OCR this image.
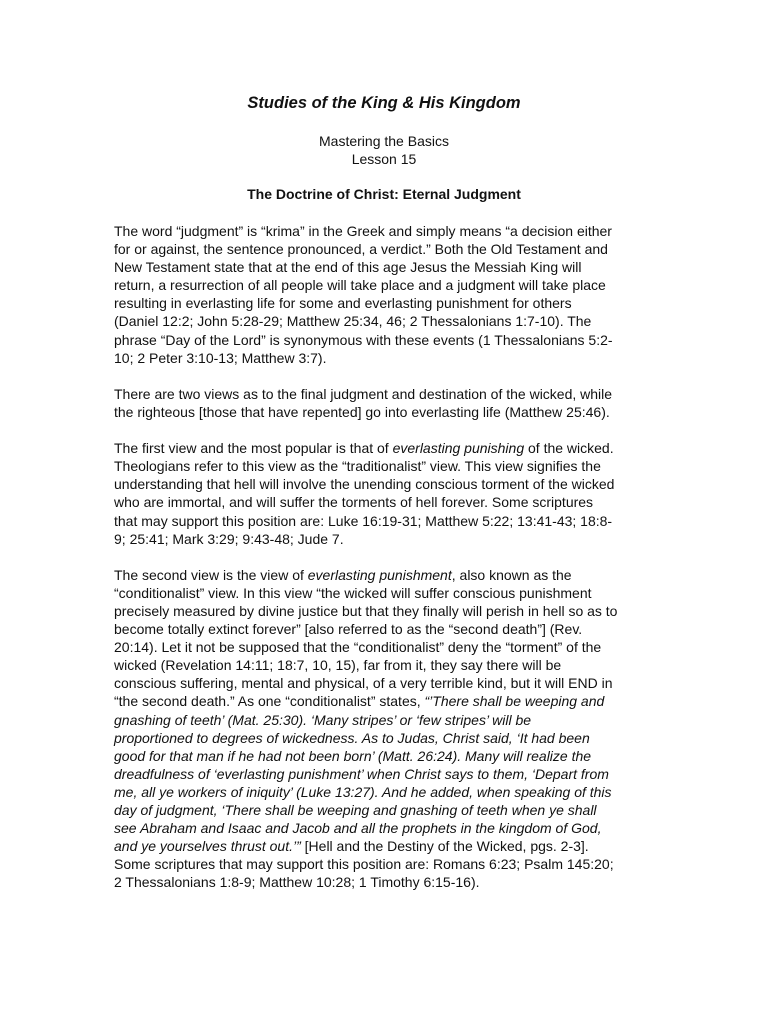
Studies of the King & His Kingdom
Mastering the Basics
Lesson 15
The Doctrine of Christ: Eternal Judgment
The word “judgment” is “krima” in the Greek and simply means “a decision either
for or against, the sentence pronounced, a verdict.” Both the Old Testament and
New Testament state that at the end of this age Jesus the Messiah King will
return, a resurrection of all people will take place and a judgment will take place
resulting in everlasting life for some and everlasting punishment for others
(Daniel 12:2; John 5:28-29; Matthew 25:34, 46; 2 Thessalonians 1:7-10). The
phrase “Day of the Lord” is synonymous with these events (1 Thessalonians 5:2-
10; 2 Peter 3:10-13; Matthew 3:7).
There are two views as to the final judgment and destination of the wicked, while
the righteous [those that have repented] go into everlasting life (Matthew 25:46).
The first view and the most popular is that of everlasting punishing of the wicked.
Theologians refer to this view as the “traditionalist” view. This view signifies the
understanding that hell will involve the unending conscious torment of the wicked
who are immortal, and will suffer the torments of hell forever. Some scriptures
that may support this position are: Luke 16:19-31; Matthew 5:22; 13:41-43; 18:8-
9; 25:41; Mark 3:29; 9:43-48; Jude 7.
The second view is the view of everlasting punishment, also known as the
“conditionalist” view. In this view “the wicked will suffer conscious punishment
precisely measured by divine justice but that they finally will perish in hell so as to
become totally extinct forever” [also referred to as the “second death”] (Rev.
20:14). Let it not be supposed that the “conditionalist” deny the “torment” of the
wicked (Revelation 14:11; 18:7, 10, 15), far from it, they say there will be
conscious suffering, mental and physical, of a very terrible kind, but it will END in
“the second death.” As one “conditionalist” states, “’There shall be weeping and
gnashing of teeth’ (Mat. 25:30). ‘Many stripes’ or ‘few stripes’ will be
proportioned to degrees of wickedness. As to Judas, Christ said, ‘It had been
good for that man if he had not been born’ (Matt. 26:24). Many will realize the
dreadfulness of ‘everlasting punishment’ when Christ says to them, ‘Depart from
me, all ye workers of iniquity’ (Luke 13:27). And he added, when speaking of this
day of judgment, ‘There shall be weeping and gnashing of teeth when ye shall
see Abraham and Isaac and Jacob and all the prophets in the kingdom of God,
and ye yourselves thrust out.’” [Hell and the Destiny of the Wicked, pgs. 2-3].
Some scriptures that may support this position are: Romans 6:23; Psalm 145:20;
2 Thessalonians 1:8-9; Matthew 10:28; 1 Timothy 6:15-16).
